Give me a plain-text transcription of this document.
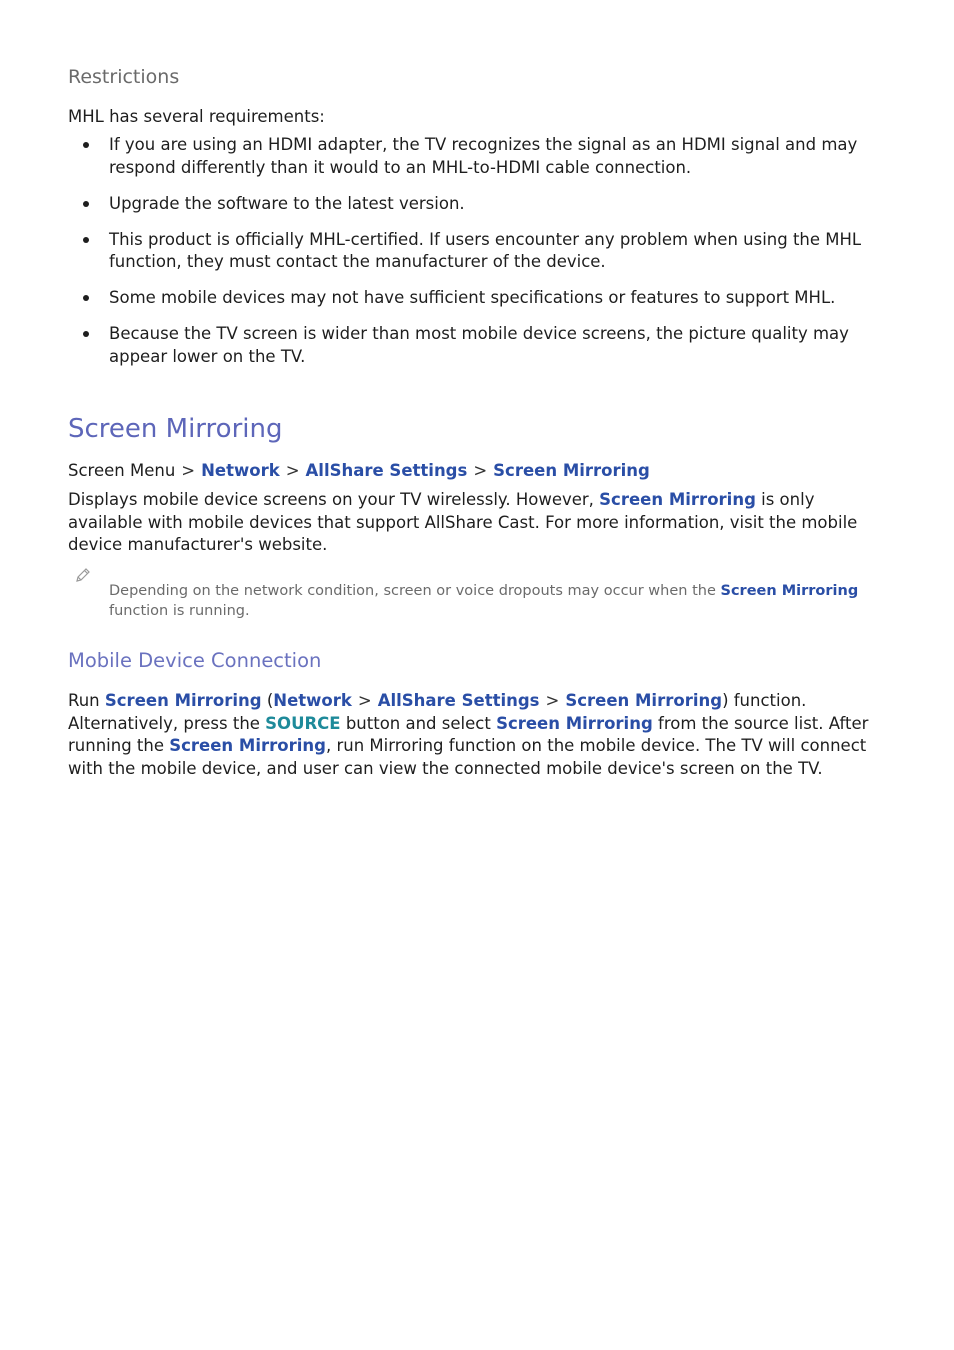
Restrictions

MHL has several requirements:

If you are using an HDMI adapter, the TV recognizes the signal as an HDMI signal and may respond differently than it would to an MHL-to-HDMI cable connection.
Upgrade the software to the latest version.
This product is officially MHL-certified. If users encounter any problem when using the MHL function, they must contact the manufacturer of the device.
Some mobile devices may not have sufficient specifications or features to support MHL.
Because the TV screen is wider than most mobile device screens, the picture quality may appear lower on the TV.
Screen Mirroring
Screen Menu > Network > AllShare Settings > Screen Mirroring

Displays mobile device screens on your TV wirelessly. However, Screen Mirroring is only available with mobile devices that support AllShare Cast. For more information, visit the mobile device manufacturer's website.

Depending on the network condition, screen or voice dropouts may occur when the Screen Mirroring function is running.

Mobile Device Connection

Run Screen Mirroring (Network > AllShare Settings > Screen Mirroring) function. Alternatively, press the SOURCE button and select Screen Mirroring from the source list. After running the Screen Mirroring, run Mirroring function on the mobile device. The TV will connect with the mobile device, and user can view the connected mobile device's screen on the TV.
